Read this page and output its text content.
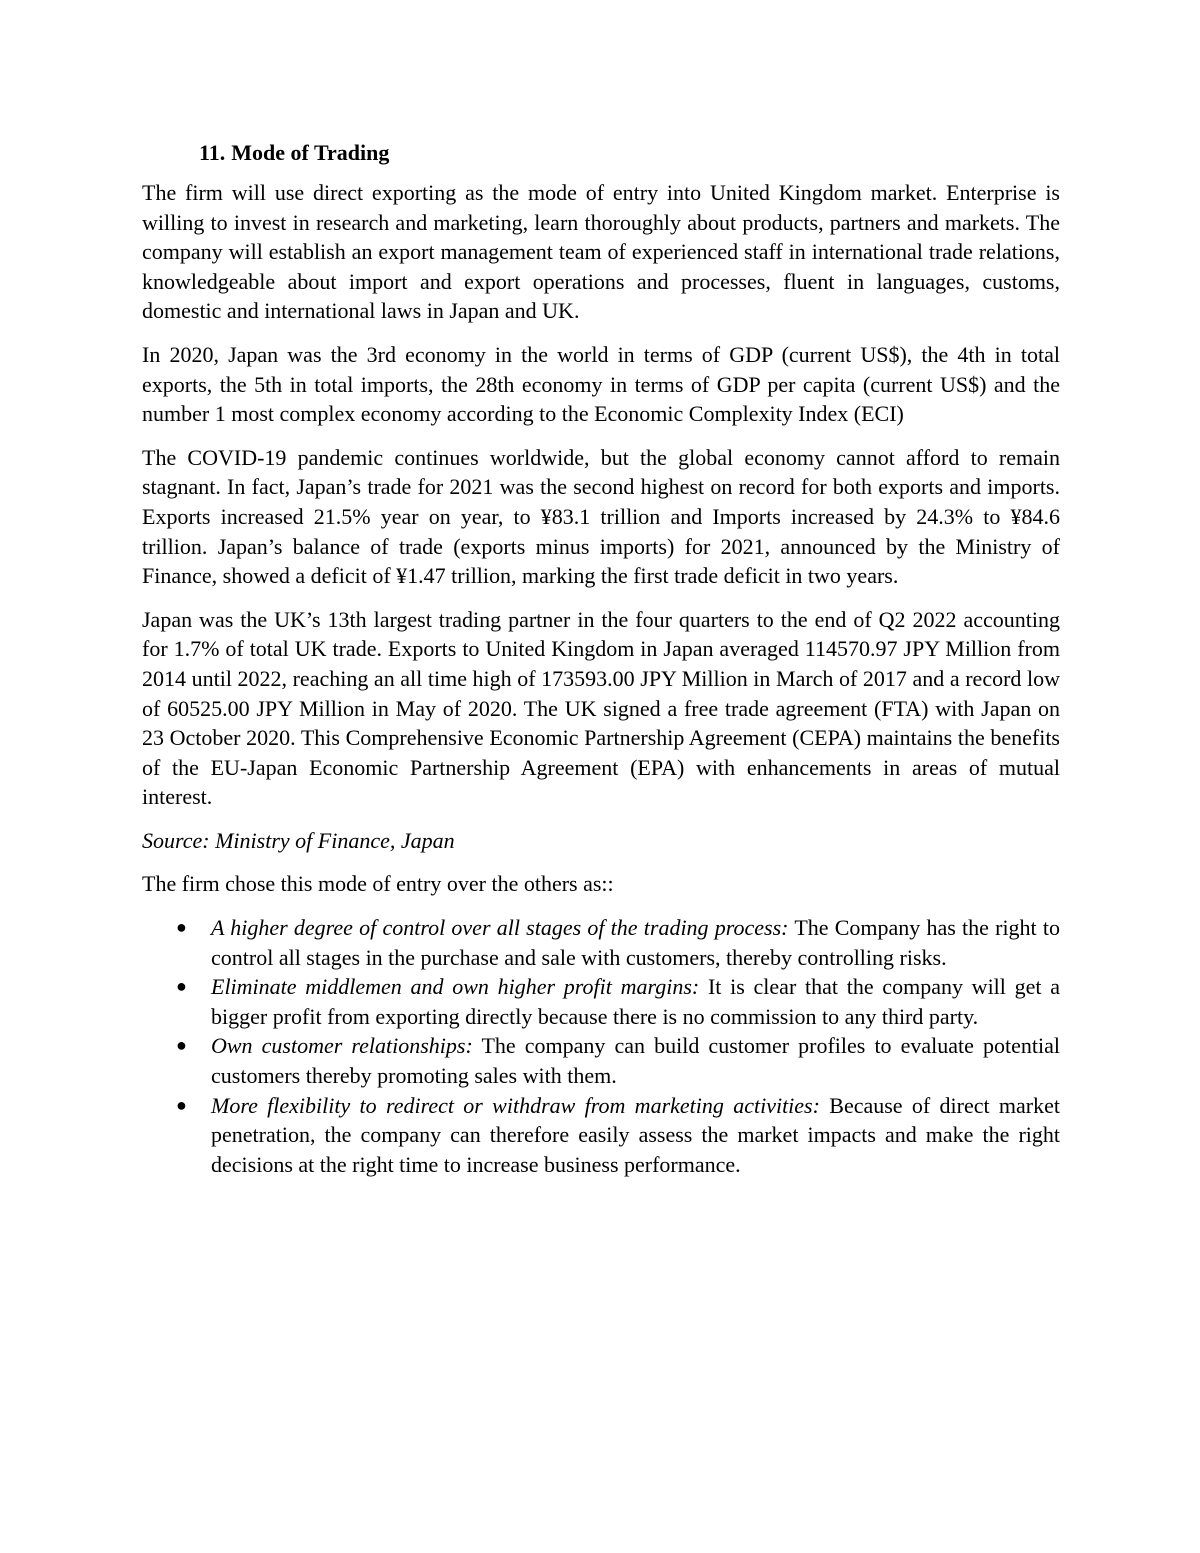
11. Mode of Trading

The firm will use direct exporting as the mode of entry into United Kingdom market. Enterprise is willing to invest in research and marketing, learn thoroughly about products, partners and markets. The company will establish an export management team of experienced staff in international trade relations, knowledgeable about import and export operations and processes, fluent in languages, customs, domestic and international laws in Japan and UK.

In 2020, Japan was the 3rd economy in the world in terms of GDP (current US$), the 4th in total exports, the 5th in total imports, the 28th economy in terms of GDP per capita (current US$) and the number 1 most complex economy according to the Economic Complexity Index (ECI)

The COVID-19 pandemic continues worldwide, but the global economy cannot afford to remain stagnant. In fact, Japan’s trade for 2021 was the second highest on record for both exports and imports. Exports increased 21.5% year on year, to ¥83.1 trillion and Imports increased by 24.3% to ¥84.6 trillion. Japan’s balance of trade (exports minus imports) for 2021, announced by the Ministry of Finance, showed a deficit of ¥1.47 trillion, marking the first trade deficit in two years.

Japan was the UK’s 13th largest trading partner in the four quarters to the end of Q2 2022 accounting for 1.7% of total UK trade. Exports to United Kingdom in Japan averaged 114570.97 JPY Million from 2014 until 2022, reaching an all time high of 173593.00 JPY Million in March of 2017 and a record low of 60525.00 JPY Million in May of 2020. The UK signed a free trade agreement (FTA) with Japan on 23 October 2020. This Comprehensive Economic Partnership Agreement (CEPA) maintains the benefits of the EU-Japan Economic Partnership Agreement (EPA) with enhancements in areas of mutual interest.

Source: Ministry of Finance, Japan

The firm chose this mode of entry over the others as::

● A higher degree of control over all stages of the trading process: The Company has the right to control all stages in the purchase and sale with customers, thereby controlling risks.
● Eliminate middlemen and own higher profit margins: It is clear that the company will get a bigger profit from exporting directly because there is no commission to any third party.
● Own customer relationships: The company can build customer profiles to evaluate potential customers thereby promoting sales with them.
● More flexibility to redirect or withdraw from marketing activities: Because of direct market penetration, the company can therefore easily assess the market impacts and make the right decisions at the right time to increase business performance.
